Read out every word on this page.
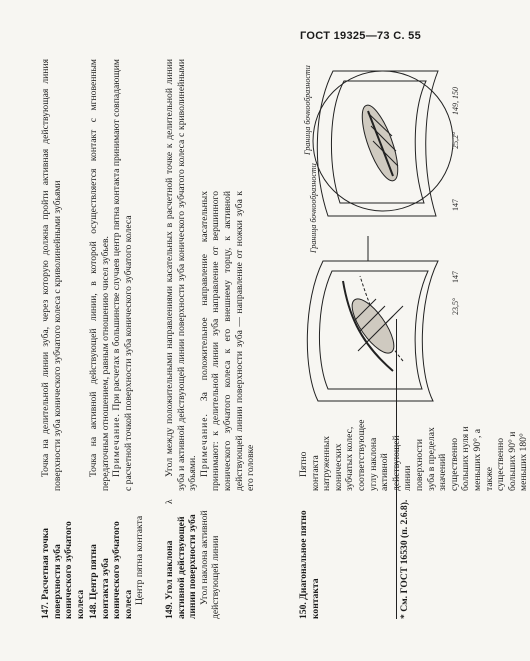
ГОСТ 19325—73 С. 55
147. Расчетная точка поверхности зуба конического зубчатого колеса

Точка на делительной линии зуба, через которую должна пройти активная действующая линия поверхности зуба конического зубчатого колеса с криволинейными зубьями

148. Центр пятна контакта зуба конического зубчатого колеса Центр пятна контакта

Точка на активной действующей линии, в которой осуществляется контакт с мгновенным передаточным отношением, равным отношению чисел зубьев. Примечание. При расчетах в большинстве случаев центр пятна контакта принимают совпадающим с расчетной точкой поверхности зуба конического зубчатого колеса

149. Угол наклона активной действующей линии поверхности зуба Угол наклона активной действующей линии
λ

Угол между положительными направлениями касательных в расчетной точке к делительной линии зуба и активной действующей линии поверхности зуба конического зубчатого колеса с криволинейными зубьями. Примечание. За положительное направление касательных принимают: к делительной линии зуба направление от вершинного конического зубчатого колеса к его внешнему торцу, к активной действующей линии поверхности зуба — направление от ножки зуба к его головке

150. Диагональное пятно контакта

Пятно контакта натруженных конических зубчатых колес, соответствующее углу наклона активной действующей линии поверхности зуба в пределах значений существенно больших нуля и меньших 90°, а также существенно больших 90° и меньших 180°

Граница бочкообразности
23,5°
147
Граница бочкообразности	25,2°
149, 150
147
* См. ГОСТ 16530 (п. 2.6.8).
